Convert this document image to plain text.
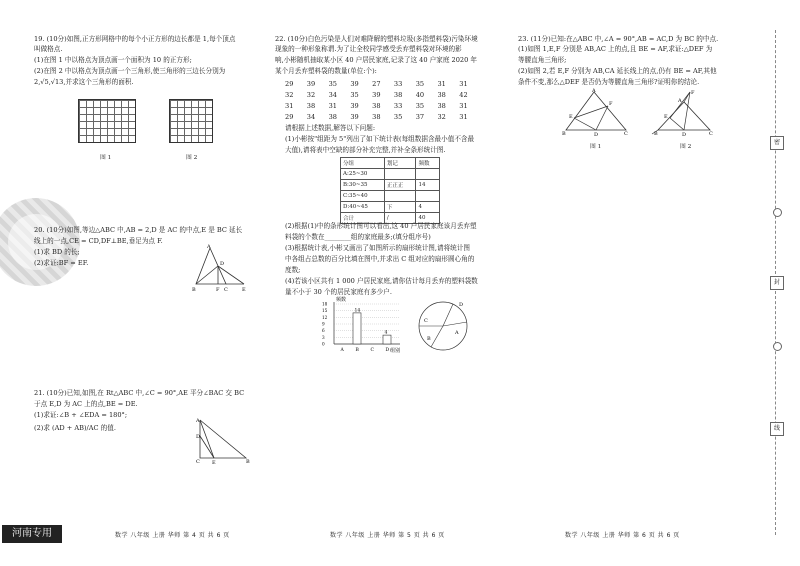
19. (10分)如图,正方形网格中的每个小正方形的边长都是 1,每个顶点
叫做格点.
(1)在图 1 中以格点为顶点画一个面积为 10 的正方形;
(2)在图 2 中以格点为顶点画一个三角形,使三角形的三边长分别为
2,√5,√13,并求这个三角形的面积.
图 1	图 2
20. (10分)如图,等边△ABC 中,AB = 2,D 是 AC 的中点,E 是 BC 延长
线上的一点,CE = CD,DF⊥BE,垂足为点 F.
(1)求 BD 的长;
(2)求证:BF = EF.
A
B	C	E
F
D
21. (10分)已知,如图,在 Rt△ABC 中,∠C = 90°,AE 平分∠BAC 交 BC
于点 E,D 为 AC 上的点,BE = DE.
(1)求证:∠B + ∠EDA = 180°;
(2)求 (AD + AB)/AC 的值.
A
D
C E	B
河南专用	数学 八年级 上册 华师 第 4 页 共 6 页
22. (10分)白色污染是人们对难降解的塑料垃圾(多指塑料袋)污染环境
现象的一种形象称谓.为了让全校同学感受丢弃塑料袋对环境的影
响,小彬随机抽取某小区 40 户居民家庭,记录了这 40 户家庭 2020 年
某个月丢弃塑料袋的数量(单位:个):
29  39  35  39  27  33  35  31  31
32  32  34  35  39  38  40  38  42
31  38  31  39  38  33  35  38  31
29  34  38  39  38  35  37  32  31
请根据上述数据,解答以下问题:
(1)小彬按"组距为 5"列出了如下统计表(每组数据含最小值不含最
大值),请将表中空缺的部分补充完整,并补全条形统计图.
分组	划记	频数
A:25~30		
B:30~35	正正正	14
C:35~40		
D:40~45	下	4
合计	/	40
(2)根据(1)中的条形统计图可以看出,这 40 户居民家庭该月丢弃塑
料袋的个数在________组的家庭最多;(填分组序号)
(3)根据统计表,小彬又画出了如图所示的扇形统计图,请将统计图
中各组占总数的百分比填在图中,并求出 C 组对应的扇形圆心角的
度数;
(4)若该小区共有 1 000 户居民家庭,请你估计每月丢弃的塑料袋数
量不小于 30 个的居民家庭有多少户.
频数
组别
18
15
12
9
6
3
0
A	B
14
C	D
4
D
C
A
B
数学 八年级 上册 华师 第 5 页 共 6 页
23. (11分)已知:在△ABC 中,∠A = 90°,AB = AC,D 为 BC 的中点.
(1)如图 1,E,F 分别是 AB,AC 上的点,且 BE = AF,求证:△DEF 为
等腰直角三角形;
(2)如图 2,若 E,F 分别为 AB,CA 延长线上的点,仍有 BE = AF,其他
条件不变,那么△DEF 是否仍为等腰直角三角形?证明你的结论.
A
B	C
D
E
F
图 1
F
A
E
B	C
D
图 2
密
封
线
数学 八年级 上册 华师 第 6 页 共 6 页
